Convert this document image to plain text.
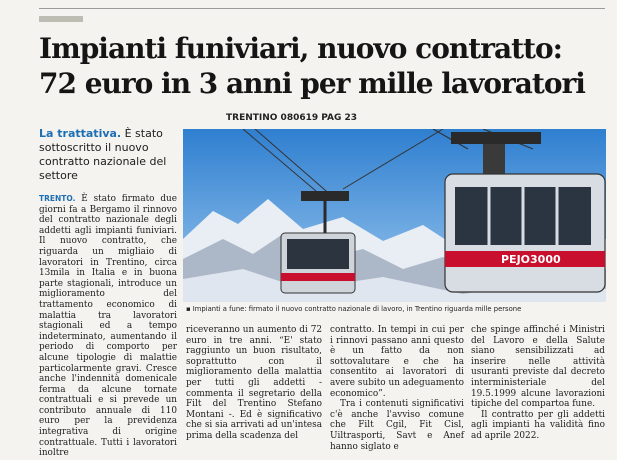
Impianti funiviari, nuovo contratto:
72 euro in 3 anni per mille lavoratori
TRENTINO 080619 PAG 23
La trattativa. È stato sottoscritto il nuovo contratto nazionale del settore
PEJO3000
▪ Impianti a fune: firmato il nuovo contratto nazionale di lavoro, in Trentino riguarda mille persone

TRENTO. È stato firmato due giorni fa a Bergamo il rinnovo del contratto nazionale degli addetti agli impianti funiviari. Il nuovo contratto, che riguarda un migliaio di lavoratori in Trentino, circa 13mila in Italia e in buona parte stagionali, introduce un miglioramento del trattamento economico di malattia tra lavoratori stagionali ed a tempo indeterminato, aumentando il periodo di comporto per alcune tipologie di malattie particolarmente gravi. Cresce anche l'indennità domenicale ferma da alcune tornate contrattuali e si prevede un contributo annuale di 110 euro per la previdenza integrativa di origine contrattuale. Tutti i lavoratori inoltre

riceveranno un aumento di 72 euro in tre anni. “E' stato raggiunto un buon risultato, soprattutto con il miglioramento della malattia per tutti gli addetti - commenta il segretario della Filt del Trentino Stefano Montani -. Ed è significativo che si sia arrivati ad un'intesa prima della scadenza del

contratto. In tempi in cui per i rinnovi passano anni questo è un fatto da non sottovalutare e che ha consentito ai lavoratori di avere subito un adeguamento economico”.

Tra i contenuti significativi c'è anche l'avviso comune che Filt Cgil, Fit Cisl, Uiltrasporti, Savt e Anef hanno siglato e

che spinge affinché i Ministri del Lavoro e della Salute siano sensibilizzati ad inserire nelle attività usuranti previste dal decreto interministeriale del 19.5.1999 alcune lavorazioni tipiche del compartoa fune.

Il contratto per gli addetti agli impianti ha validità fino ad aprile 2022.
